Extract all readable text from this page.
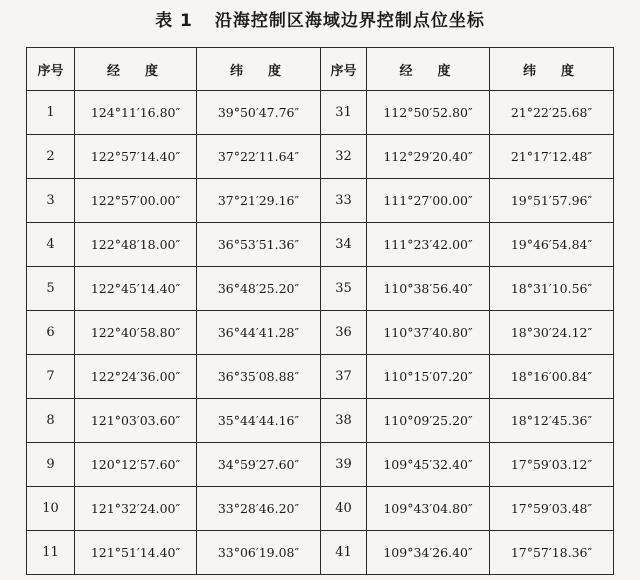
表 1 沿海控制区海域边界控制点位坐标
序号	经　度	纬　度	序号	经　度	纬　度
1	124°11′16.80″	39°50′47.76″	31	112°50′52.80″	21°22′25.68″
2	122°57′14.40″	37°22′11.64″	32	112°29′20.40″	21°17′12.48″
3	122°57′00.00″	37°21′29.16″	33	111°27′00.00″	19°51′57.96″
4	122°48′18.00″	36°53′51.36″	34	111°23′42.00″	19°46′54.84″
5	122°45′14.40″	36°48′25.20″	35	110°38′56.40″	18°31′10.56″
6	122°40′58.80″	36°44′41.28″	36	110°37′40.80″	18°30′24.12″
7	122°24′36.00″	36°35′08.88″	37	110°15′07.20″	18°16′00.84″
8	121°03′03.60″	35°44′44.16″	38	110°09′25.20″	18°12′45.36″
9	120°12′57.60″	34°59′27.60″	39	109°45′32.40″	17°59′03.12″
10	121°32′24.00″	33°28′46.20″	40	109°43′04.80″	17°59′03.48″
11	121°51′14.40″	33°06′19.08″	41	109°34′26.40″	17°57′18.36″
